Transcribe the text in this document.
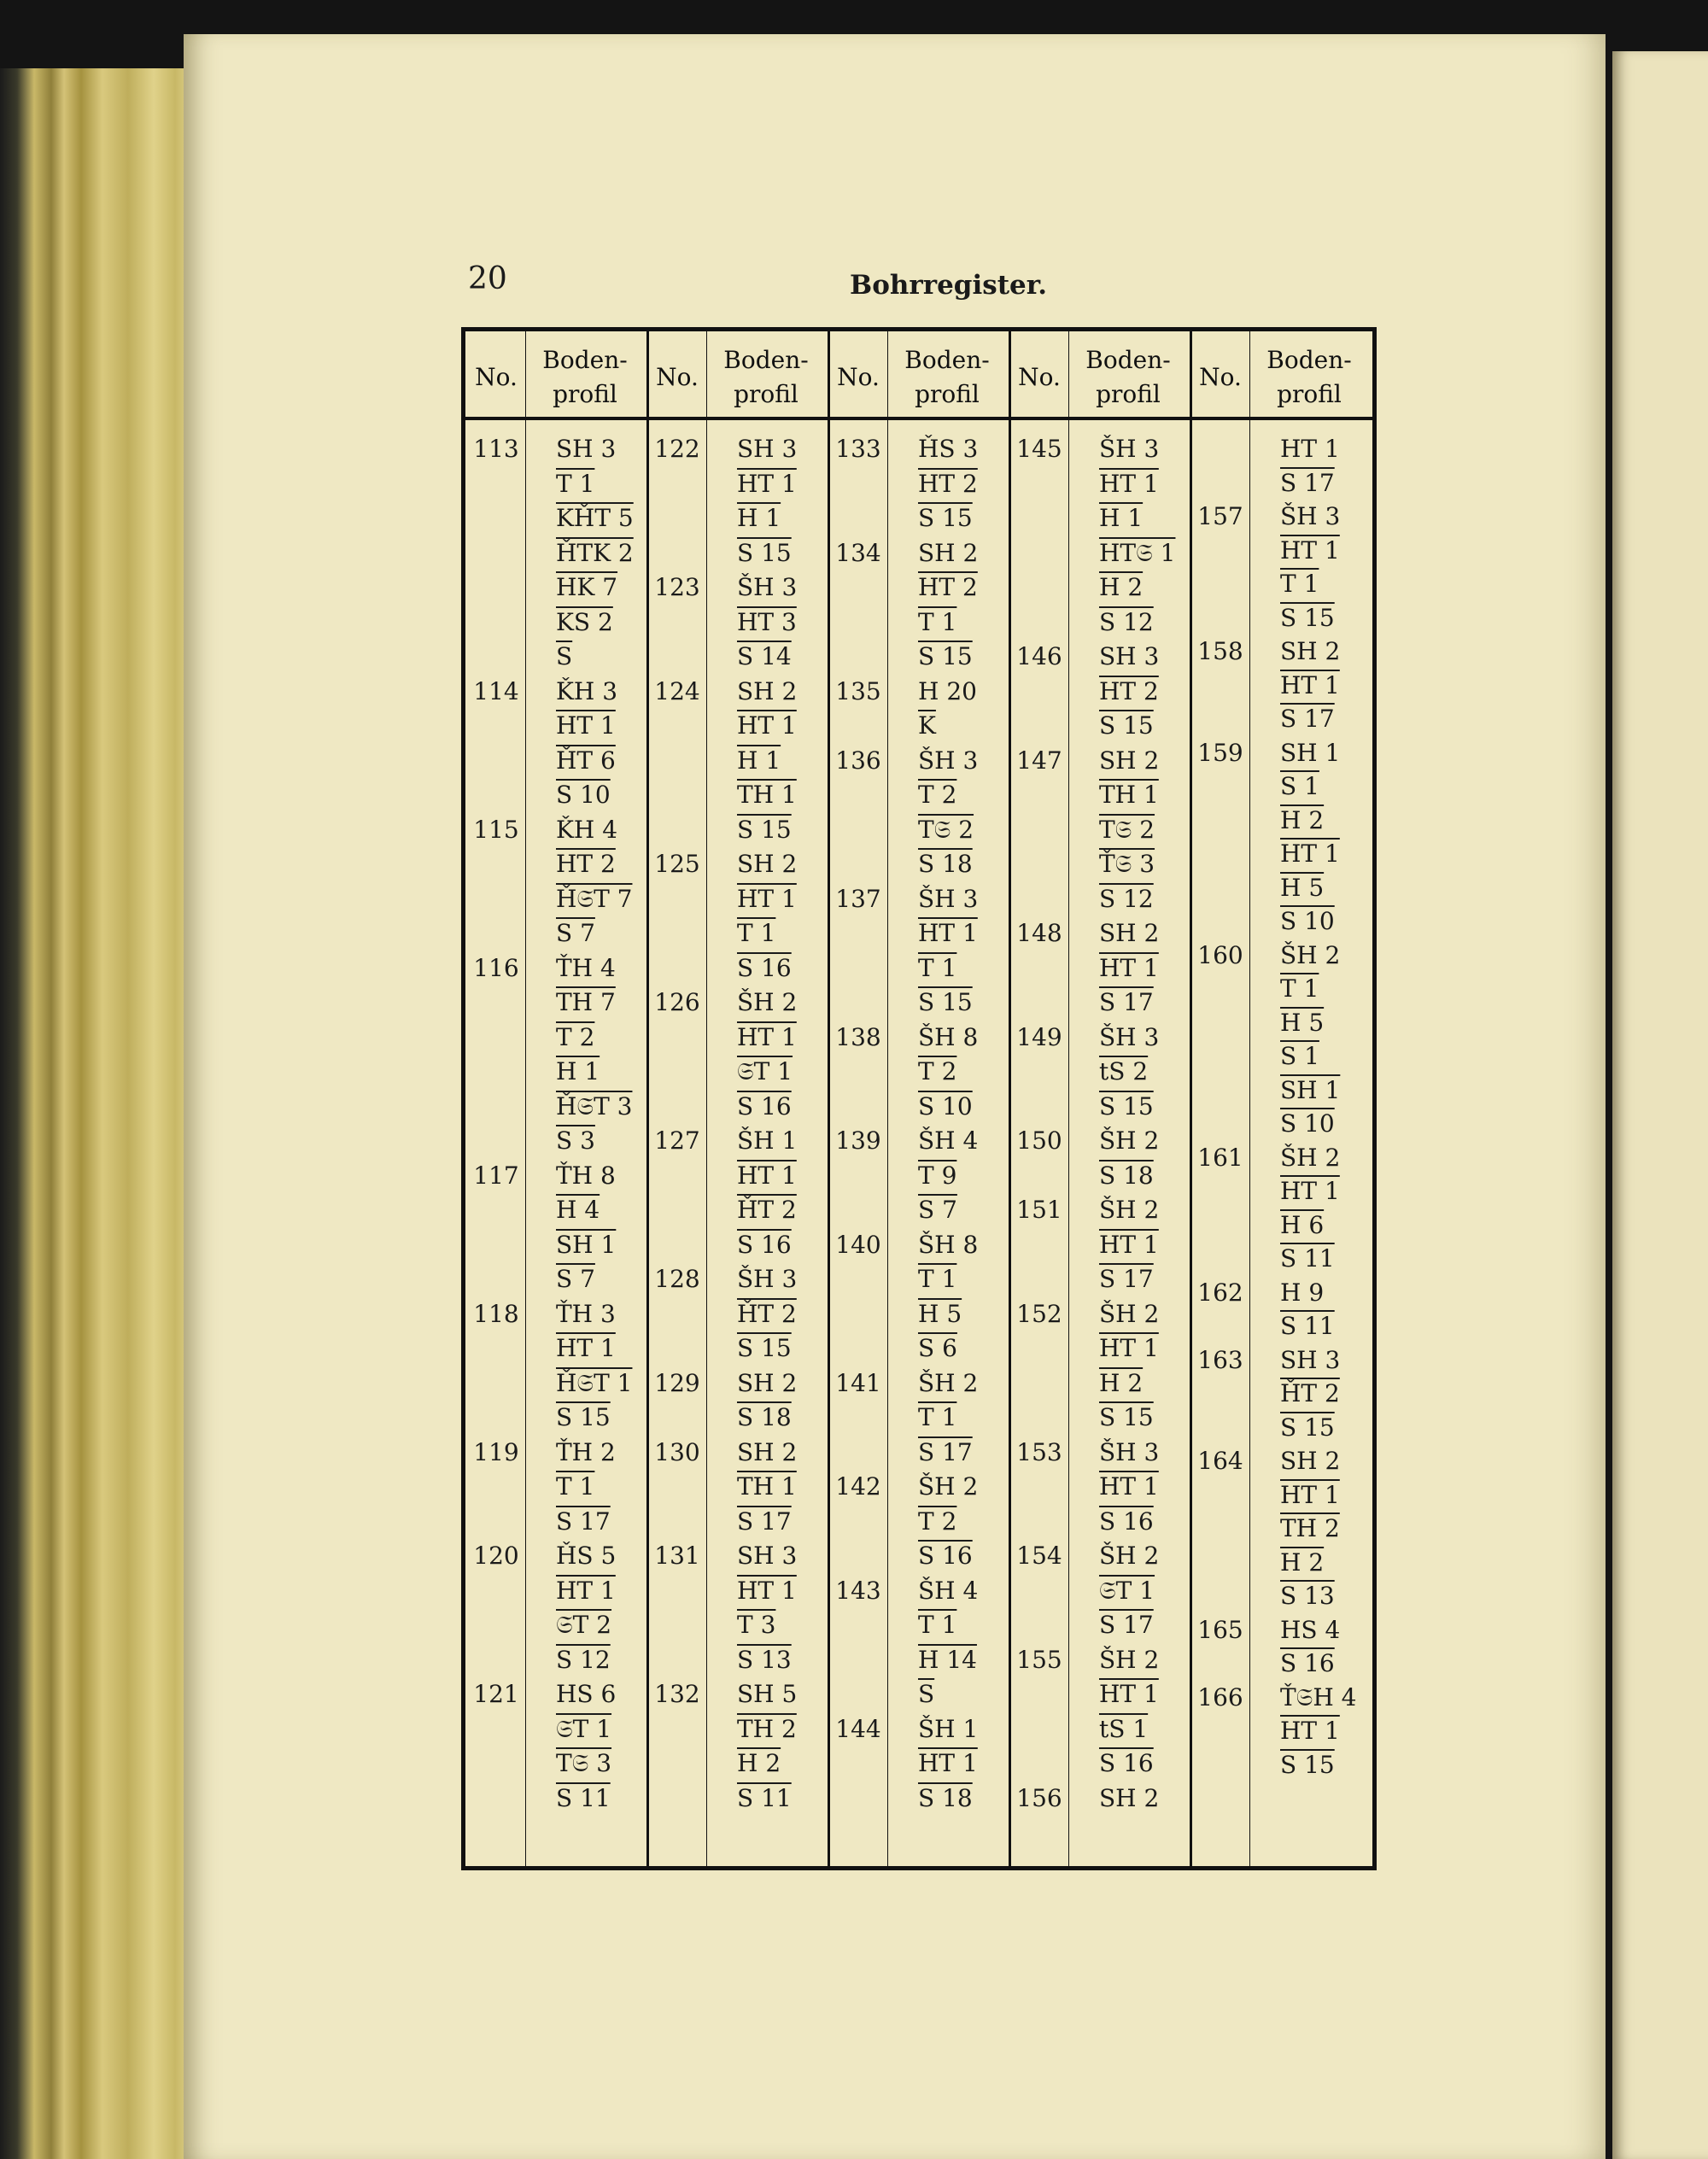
20	Bohrregister.
No.
Boden-
profil
No.
Boden-
profil
No.
Boden-
profil
No.
Boden-
profil
No.
Boden-
profil
113 SH 3
T 1
KȞT 5
ȞTK 2
HK 7
KS 2
$\overline{S}$
114 ǨH 3
HT 1
ȞT 6
S 10
115 ǨH 4
HT 2
Ȟ𝔖T 7
S 7
116 ŤH 4
TH 7
T 2
H 1
Ȟ𝔖T 3
S 3
117 ŤH 8
H 4
SH 1
S 7
118 ŤH 3
HT 1
Ȟ𝔖T 1
S 15
119 ŤH 2
T 1
S 17
120 ȞS 5
HT 1
𝔖T 2
S 12
121 HS 6
𝔖T 1
T𝔖 3
S 11
122 SH 3
HT 1
H 1
S 15
123 ŠH 3
HT 3
S 14
124 SH 2
HT 1
H 1
TH 1
S 15
125 SH 2
HT 1
T 1
S 16
126 ŠH 2
HT 1
𝔖T 1
S 16
127 ŠH 1
HT 1
ȞT 2
S 16
128 ŠH 3
ȞT 2
S 15
129 SH 2
S 18
130 SH 2
TH 1
S 17
131 SH 3
HT 1
T 3
S 13
132 SH 5
TH 2
H 2
S 11
133 ȞS 3
HT 2
S 15
134 SH 2
HT 2
T 1
S 15
135 H 20
$\overline{K}$
136 ŠH 3
T 2
T𝔖 2
S 18
137 ŠH 3
HT 1
T 1
S 15
138 ŠH 8
T 2
S 10
139 ŠH 4
T 9
S 7
140 ŠH 8
T 1
H 5
S 6
141 ŠH 2
T 1
S 17
142 ŠH 2
T 2
S 16
143 ŠH 4
T 1
H 14
$\overline{S}$
144 ŠH 1
HT 1
S 18
145 ŠH 3
HT 1
H 1
HT𝔖 1
H 2
S 12
146 SH 3
HT 2
S 15
147 SH 2
TH 1
T𝔖 2
Ť𝔖 3
S 12
148 SH 2
HT 1
S 17
149 ŠH 3
tS 2
S 15
150 ŠH 2
S 18
151 ŠH 2
HT 1
S 17
152 ŠH 2
HT 1
H 2
S 15
153 ŠH 3
HT 1
S 16
154 ŠH 2
𝔖T 1
S 17
155 ŠH 2
HT 1
tS 1
S 16
156 SH 2
HT 1
S 17
157 ŠH 3
HT 1
T 1
S 15
158 SH 2
HT 1
S 17
159 SH 1
S 1
H 2
HT 1
H 5
S 10
160 ŠH 2
T 1
H 5
S 1
SH 1
S 10
161 ŠH 2
HT 1
H 6
S 11
162 H 9
S 11
163 SH 3
ȞT 2
S 15
164 SH 2
HT 1
TH 2
H 2
S 13
165 HS 4
S 16
166 Ť𝔖H 4
HT 1
S 15
